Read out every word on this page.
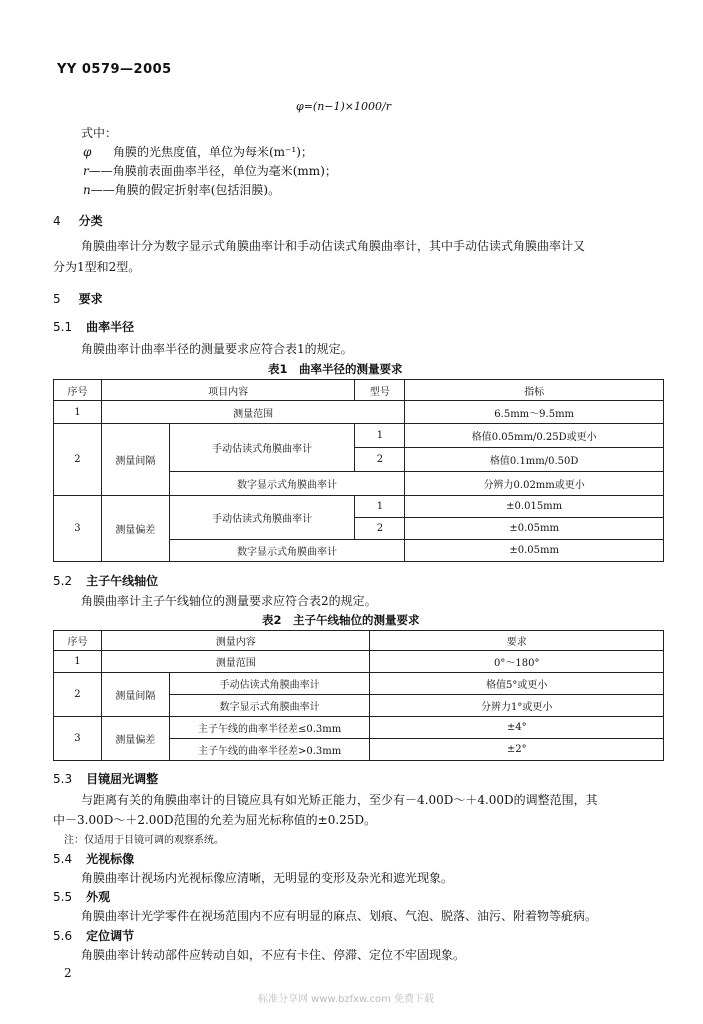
YY 0579—2005
φ=(n−1)×1000/r
式中：
φ 角膜的光焦度值，单位为每米(m⁻¹)；
r——角膜前表面曲率半径，单位为毫米(mm)；
n——角膜的假定折射率(包括泪膜)。
4 分类
角膜曲率计分为数字显示式角膜曲率计和手动估读式角膜曲率计，其中手动估读式角膜曲率计又
分为1型和2型。
5 要求
5.1 曲率半径
角膜曲率计曲率半径的测量要求应符合表1的规定。
表1　曲率半径的测量要求
序号	项目内容		型号	指标
1	测量范围			6.5mm～9.5mm
2	测量间隔	手动估读式角膜曲率计	1	格值0.05mm/0.25D或更小
			2	格值0.1mm/0.50D
		数字显示式角膜曲率计		分辨力0.02mm或更小
3	测量偏差	手动估读式角膜曲率计	1	±0.015mm
			2	±0.05mm
		数字显示式角膜曲率计		±0.05mm
5.2 主子午线轴位
角膜曲率计主子午线轴位的测量要求应符合表2的规定。
表2　主子午线轴位的测量要求
序号	测量内容		要求
1	测量范围		0°～180°
2	测量间隔	手动估读式角膜曲率计	格值5°或更小
		数字显示式角膜曲率计	分辨力1°或更小
3	测量偏差	主子午线的曲率半径差≤0.3mm	±4°
		主子午线的曲率半径差>0.3mm	±2°
5.3 目镜屈光调整
与距离有关的角膜曲率计的目镜应具有如光矫正能力，至少有－4.00D～＋4.00D的调整范围，其
中－3.00D～＋2.00D范围的允差为屈光标称值的±0.25D。
注：仅适用于目镜可调的观察系统。
5.4 光视标像
角膜曲率计视场内光视标像应清晰，无明显的变形及杂光和遮光现象。
5.5 外观
角膜曲率计光学零件在视场范围内不应有明显的麻点、划痕、气泡、脱落、油污、附着物等疵病。
5.6 定位调节
角膜曲率计转动部件应转动自如，不应有卡住、停滞、定位不牢固现象。
2
标准分享网 www.bzfxw.com 免费下载
